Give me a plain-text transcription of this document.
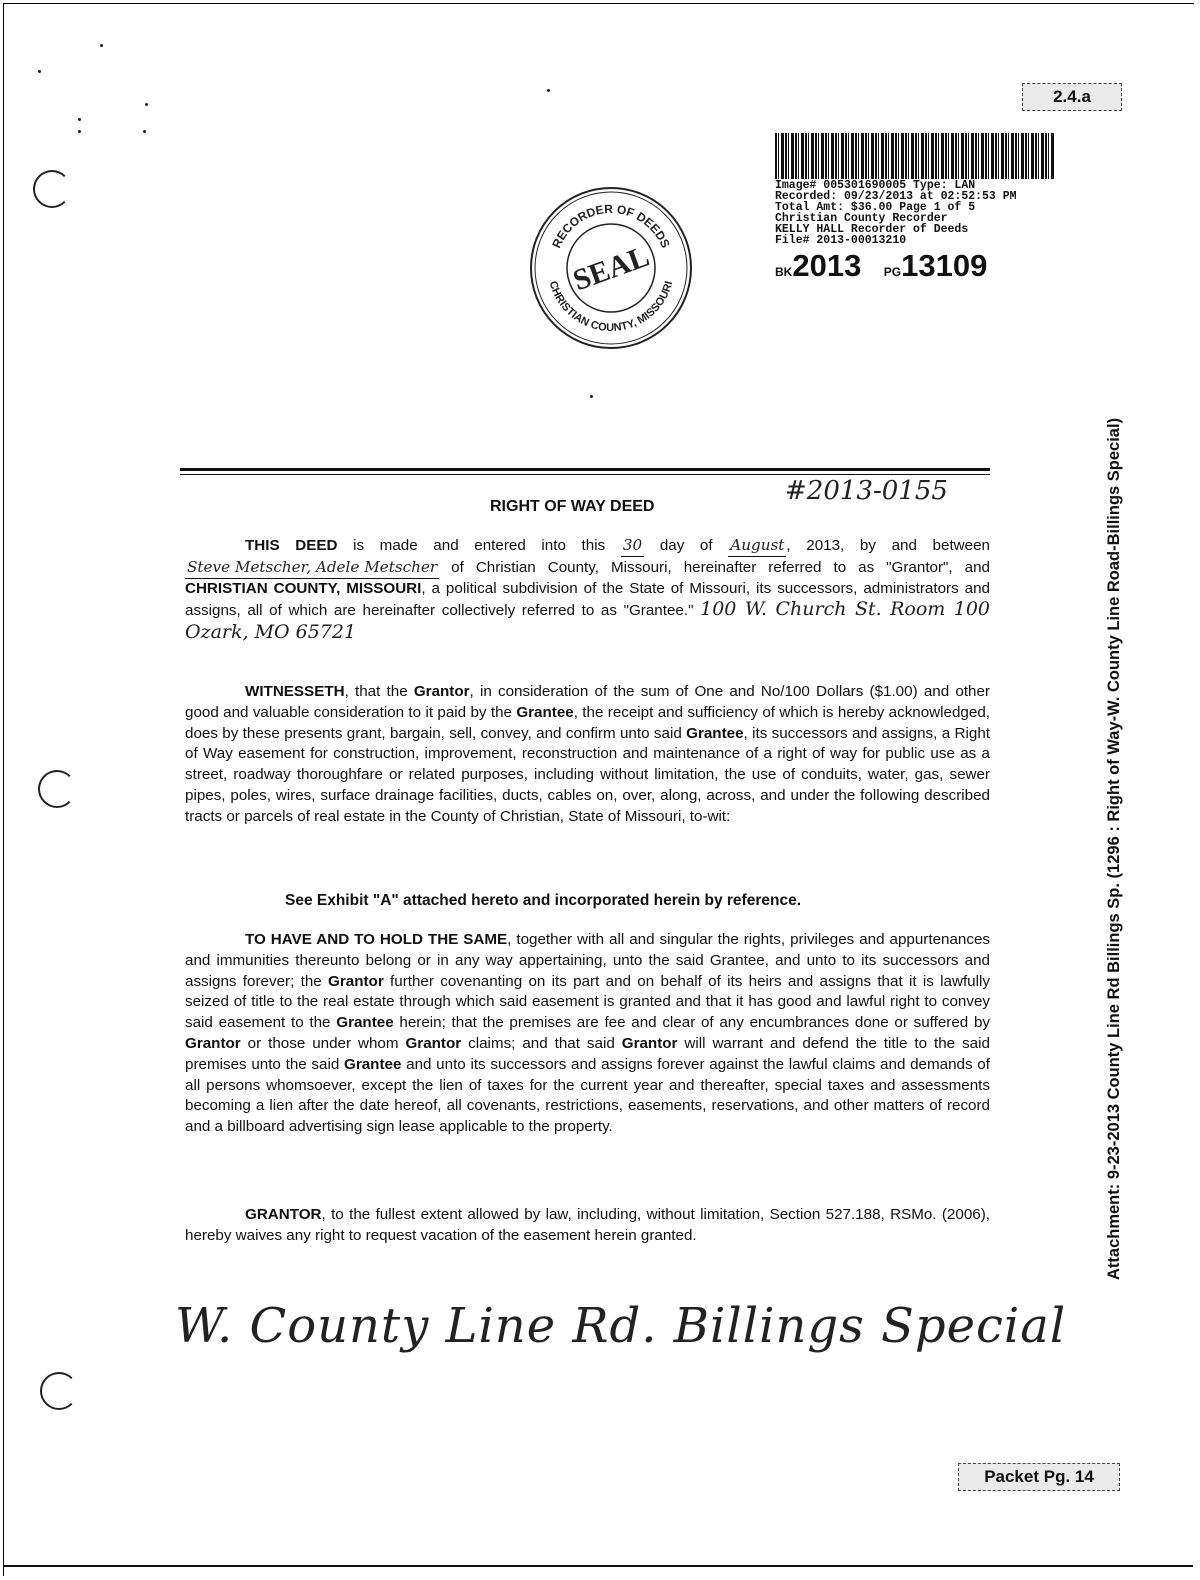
2.4.a
Image# 005301690005 Type: LAN
Recorded: 09/23/2013 at 02:52:53 PM
Total Amt: $36.00 Page 1 of 5
Christian County Recorder
KELLY HALL Recorder of Deeds
File# 2013-00013210
BK2013 PG13109
RECORDER OF DEEDS
CHRISTIAN COUNTY, MISSOURI
SEAL
RIGHT OF WAY DEED
#2013-0155
THIS DEED is made and entered into this 30 day of August , 2013, by and between Steve Metscher, Adele Metscher of Christian County, Missouri, hereinafter referred to as "Grantor", and CHRISTIAN COUNTY, MISSOURI, a political subdivision of the State of Missouri, its successors, administrators and assigns, all of which are hereinafter collectively referred to as "Grantee." 100 W. Church St. Room 100 Ozark, MO 65721
WITNESSETH, that the Grantor, in consideration of the sum of One and No/100 Dollars ($1.00) and other good and valuable consideration to it paid by the Grantee, the receipt and sufficiency of which is hereby acknowledged, does by these presents grant, bargain, sell, convey, and confirm unto said Grantee, its successors and assigns, a Right of Way easement for construction, improvement, reconstruction and maintenance of a right of way for public use as a street, roadway thoroughfare or related purposes, including without limitation, the use of conduits, water, gas, sewer pipes, poles, wires, surface drainage facilities, ducts, cables on, over, along, across, and under the following described tracts or parcels of real estate in the County of Christian, State of Missouri, to-wit:
See Exhibit "A" attached hereto and incorporated herein by reference.
TO HAVE AND TO HOLD THE SAME, together with all and singular the rights, privileges and appurtenances and immunities thereunto belong or in any way appertaining, unto the said Grantee, and unto to its successors and assigns forever; the Grantor further covenanting on its part and on behalf of its heirs and assigns that it is lawfully seized of title to the real estate through which said easement is granted and that it has good and lawful right to convey said easement to the Grantee herein; that the premises are fee and clear of any encumbrances done or suffered by Grantor or those under whom Grantor claims; and that said Grantor will warrant and defend the title to the said premises unto the said Grantee and unto its successors and assigns forever against the lawful claims and demands of all persons whomsoever, except the lien of taxes for the current year and thereafter, special taxes and assessments becoming a lien after the date hereof, all covenants, restrictions, easements, reservations, and other matters of record and a billboard advertising sign lease applicable to the property.
GRANTOR, to the fullest extent allowed by law, including, without limitation, Section 527.188, RSMo. (2006), hereby waives any right to request vacation of the easement herein granted.
W. County Line Rd. Billings Special
Attachment: 9-23-2013 County Line Rd Billings Sp. (1296 : Right of Way-W. County Line Road-Billings Special)
Packet Pg. 14
